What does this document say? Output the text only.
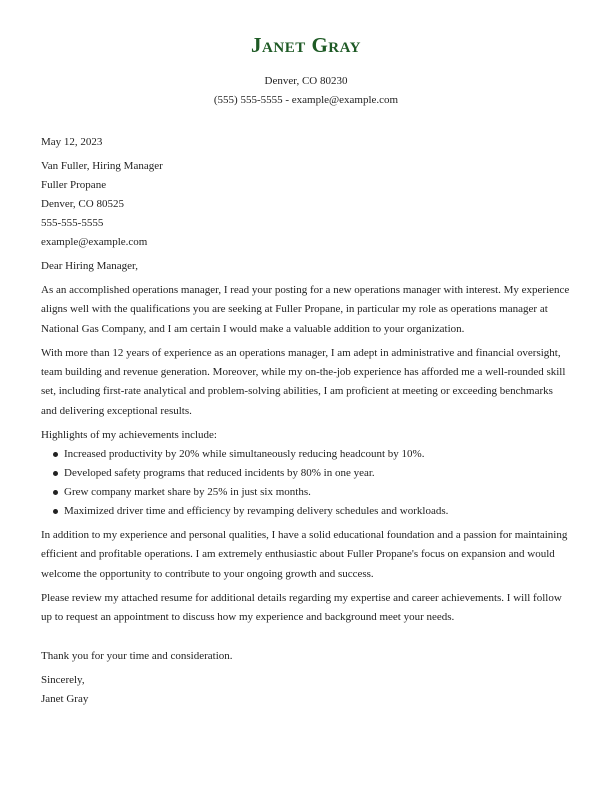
Janet Gray

Denver, CO 80230

(555) 555-5555 - example@example.com

May 12, 2023

Van Fuller, Hiring Manager

Fuller Propane

Denver, CO 80525

555-555-5555

example@example.com

Dear Hiring Manager,

As an accomplished operations manager, I read your posting for a new operations manager with interest. My experience aligns well with the qualifications you are seeking at Fuller Propane, in particular my role as operations manager at National Gas Company, and I am certain I would make a valuable addition to your organization.

With more than 12 years of experience as an operations manager, I am adept in administrative and financial oversight, team building and revenue generation. Moreover, while my on-the-job experience has afforded me a well-rounded skill set, including first-rate analytical and problem-solving abilities, I am proficient at meeting or exceeding benchmarks and delivering exceptional results.

Highlights of my achievements include:

Increased productivity by 20% while simultaneously reducing headcount by 10%.
Developed safety programs that reduced incidents by 80% in one year.
Grew company market share by 25% in just six months.
Maximized driver time and efficiency by revamping delivery schedules and workloads.

In addition to my experience and personal qualities, I have a solid educational foundation and a passion for maintaining efficient and profitable operations. I am extremely enthusiastic about Fuller Propane's focus on expansion and would welcome the opportunity to contribute to your ongoing growth and success.

Please review my attached resume for additional details regarding my expertise and career achievements. I will follow up to request an appointment to discuss how my experience and background meet your needs.

Thank you for your time and consideration.

Sincerely,

Janet Gray
